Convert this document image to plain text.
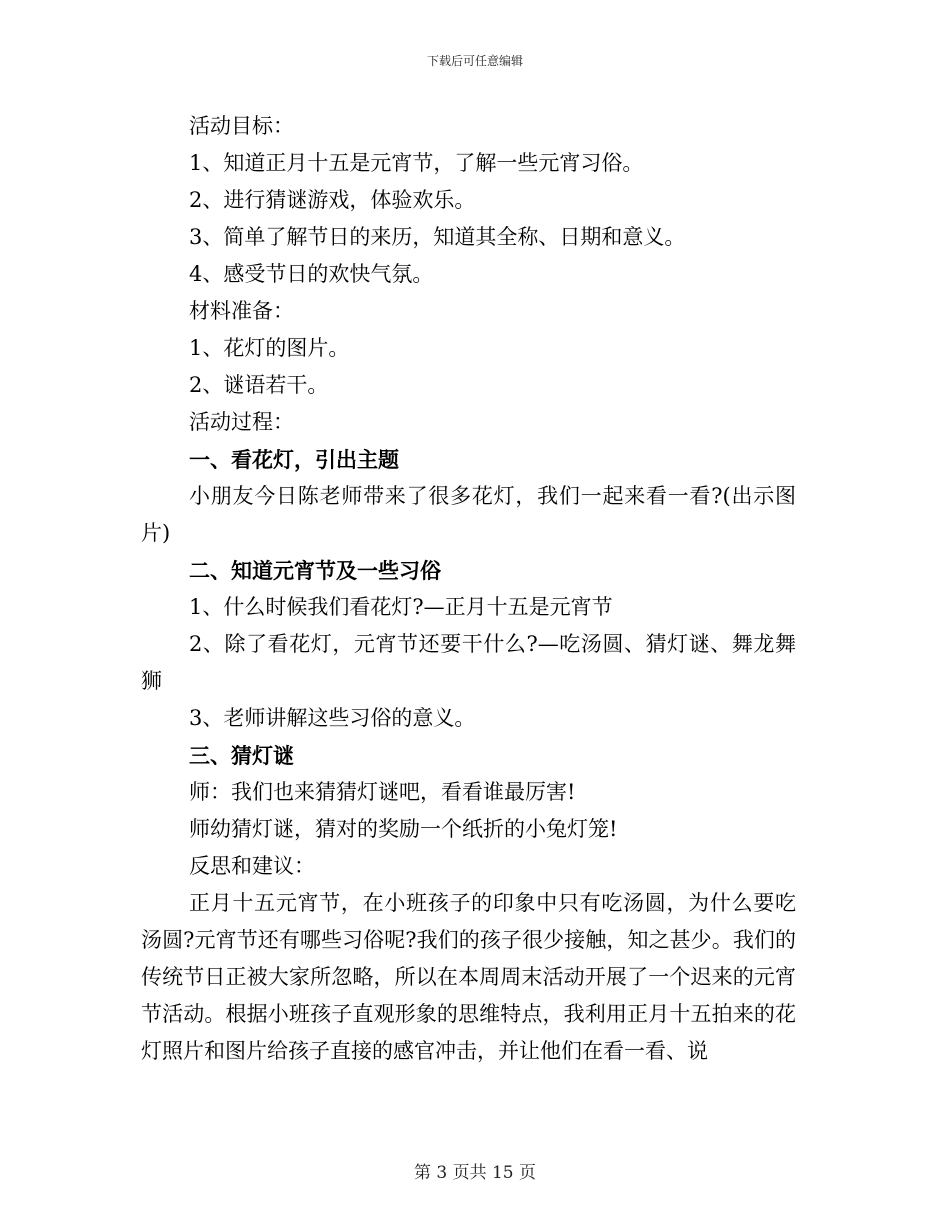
下载后可任意编辑

活动目标：

1、知道正月十五是元宵节，了解一些元宵习俗。

2、进行猜谜游戏，体验欢乐。

3、简单了解节日的来历，知道其全称、日期和意义。

4、感受节日的欢快气氛。

材料准备：

1、花灯的图片。

2、谜语若干。

活动过程：

一、看花灯，引出主题

小朋友今日陈老师带来了很多花灯，我们一起来看一看?(出示图片)

二、知道元宵节及一些习俗

1、什么时候我们看花灯?—正月十五是元宵节

2、除了看花灯，元宵节还要干什么?—吃汤圆、猜灯谜、舞龙舞狮

3、老师讲解这些习俗的意义。

三、猜灯谜

师：我们也来猜猜灯谜吧，看看谁最厉害!

师幼猜灯谜，猜对的奖励一个纸折的小兔灯笼!

反思和建议：

正月十五元宵节，在小班孩子的印象中只有吃汤圆，为什么要吃汤圆?元宵节还有哪些习俗呢?我们的孩子很少接触，知之甚少。我们的传统节日正被大家所忽略，所以在本周周末活动开展了一个迟来的元宵节活动。根据小班孩子直观形象的思维特点，我利用正月十五拍来的花灯照片和图片给孩子直接的感官冲击，并让他们在看一看、说

第 3 页共 15 页
